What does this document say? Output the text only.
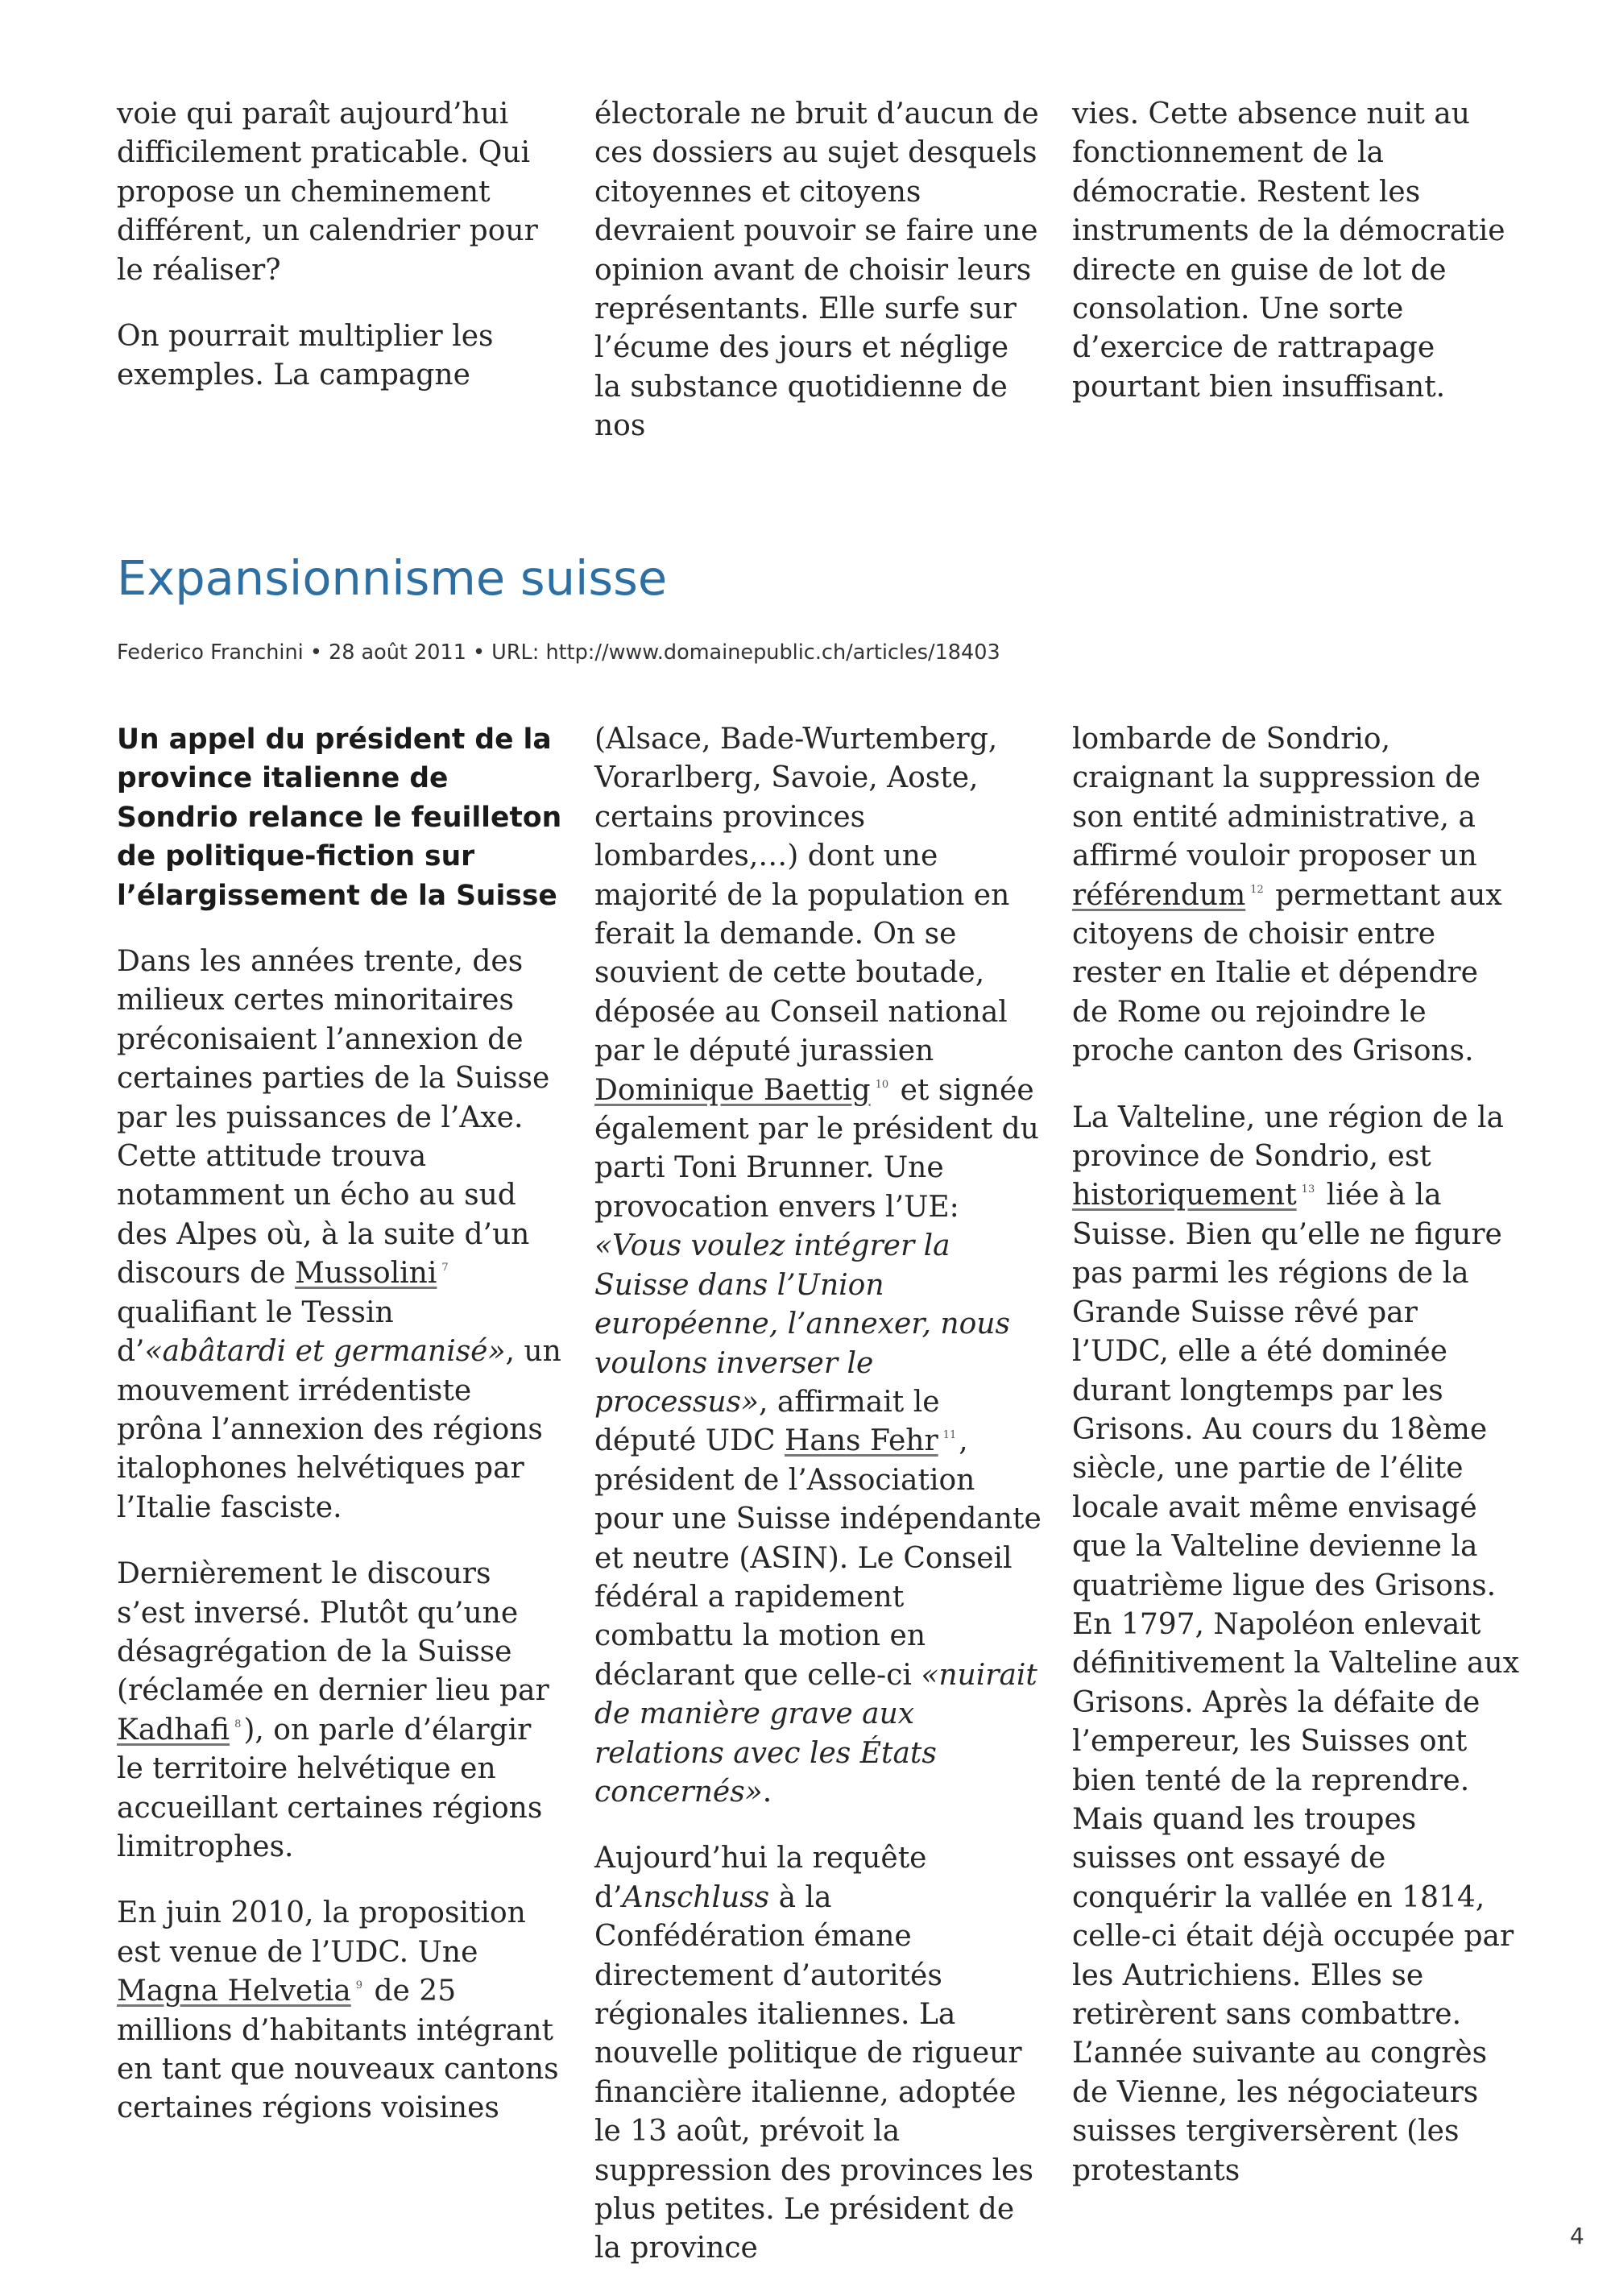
voie qui paraît aujourd’hui difficilement praticable. Qui propose un cheminement différent, un calendrier pour le réaliser?

On pourrait multiplier les exemples. La campagne

électorale ne bruit d’aucun de ces dossiers au sujet desquels citoyennes et citoyens devraient pouvoir se faire une opinion avant de choisir leurs représentants. Elle surfe sur l’écume des jours et néglige la substance quotidienne de nos

vies. Cette absence nuit au fonctionnement de la démocratie. Restent les instruments de la démocratie directe en guise de lot de consolation. Une sorte d’exercice de rattrapage pourtant bien insuffisant.

Expansionnisme suisse
Federico Franchini • 28 août 2011 • URL: http://www.domainepublic.ch/articles/18403

Un appel du président de la province italienne de Sondrio relance le feuilleton de politique-fiction sur l’élargissement de la Suisse

Dans les années trente, des milieux certes minoritaires préconisaient l’annexion de certaines parties de la Suisse par les puissances de l’Axe. Cette attitude trouva notamment un écho au sud des Alpes où, à la suite d’un discours de Mussolini $^7$ qualifiant le Tessin d’«abâtardi et germanisé», un mouvement irrédentiste prôna l’annexion des régions italophones helvétiques par l’Italie fasciste.

Dernièrement le discours s’est inversé. Plutôt qu’une désagrégation de la Suisse (réclamée en dernier lieu par Kadhafi $^8$), on parle d’élargir le territoire helvétique en accueillant certaines régions limitrophes.

En juin 2010, la proposition est venue de l’UDC. Une Magna Helvetia $^9$ de 25 millions d’habitants intégrant en tant que nouveaux cantons certaines régions voisines

(Alsace, Bade-Wurtemberg, Vorarlberg, Savoie, Aoste, certains provinces lombardes,…) dont une majorité de la population en ferait la demande. On se souvient de cette boutade, déposée au Conseil national par le député jurassien Dominique Baettig $^{10}$ et signée également par le président du parti Toni Brunner. Une provocation envers l’UE: «Vous voulez intégrer la Suisse dans l’Union européenne, l’annexer, nous voulons inverser le processus», affirmait le député UDC Hans Fehr $^{11}$, président de l’Association pour une Suisse indépendante et neutre (ASIN). Le Conseil fédéral a rapidement combattu la motion en déclarant que celle-ci «nuirait de manière grave aux relations avec les États concernés».

Aujourd’hui la requête d’Anschluss à la Confédération émane directement d’autorités régionales italiennes. La nouvelle politique de rigueur financière italienne, adoptée le 13 août, prévoit la suppression des provinces les plus petites. Le président de la province

lombarde de Sondrio, craignant la suppression de son entité administrative, a affirmé vouloir proposer un référendum $^{12}$ permettant aux citoyens de choisir entre rester en Italie et dépendre de Rome ou rejoindre le proche canton des Grisons.

La Valteline, une région de la province de Sondrio, est historiquement $^{13}$ liée à la Suisse. Bien qu’elle ne figure pas parmi les régions de la Grande Suisse rêvé par l’UDC, elle a été dominée durant longtemps par les Grisons. Au cours du 18ème siècle, une partie de l’élite locale avait même envisagé que la Valteline devienne la quatrième ligue des Grisons. En 1797, Napoléon enlevait définitivement la Valteline aux Grisons. Après la défaite de l’empereur, les Suisses ont bien tenté de la reprendre. Mais quand les troupes suisses ont essayé de conquérir la vallée en 1814, celle-ci était déjà occupée par les Autrichiens. Elles se retirèrent sans combattre. L’année suivante au congrès de Vienne, les négociateurs suisses tergiversèrent (les protestants

4
